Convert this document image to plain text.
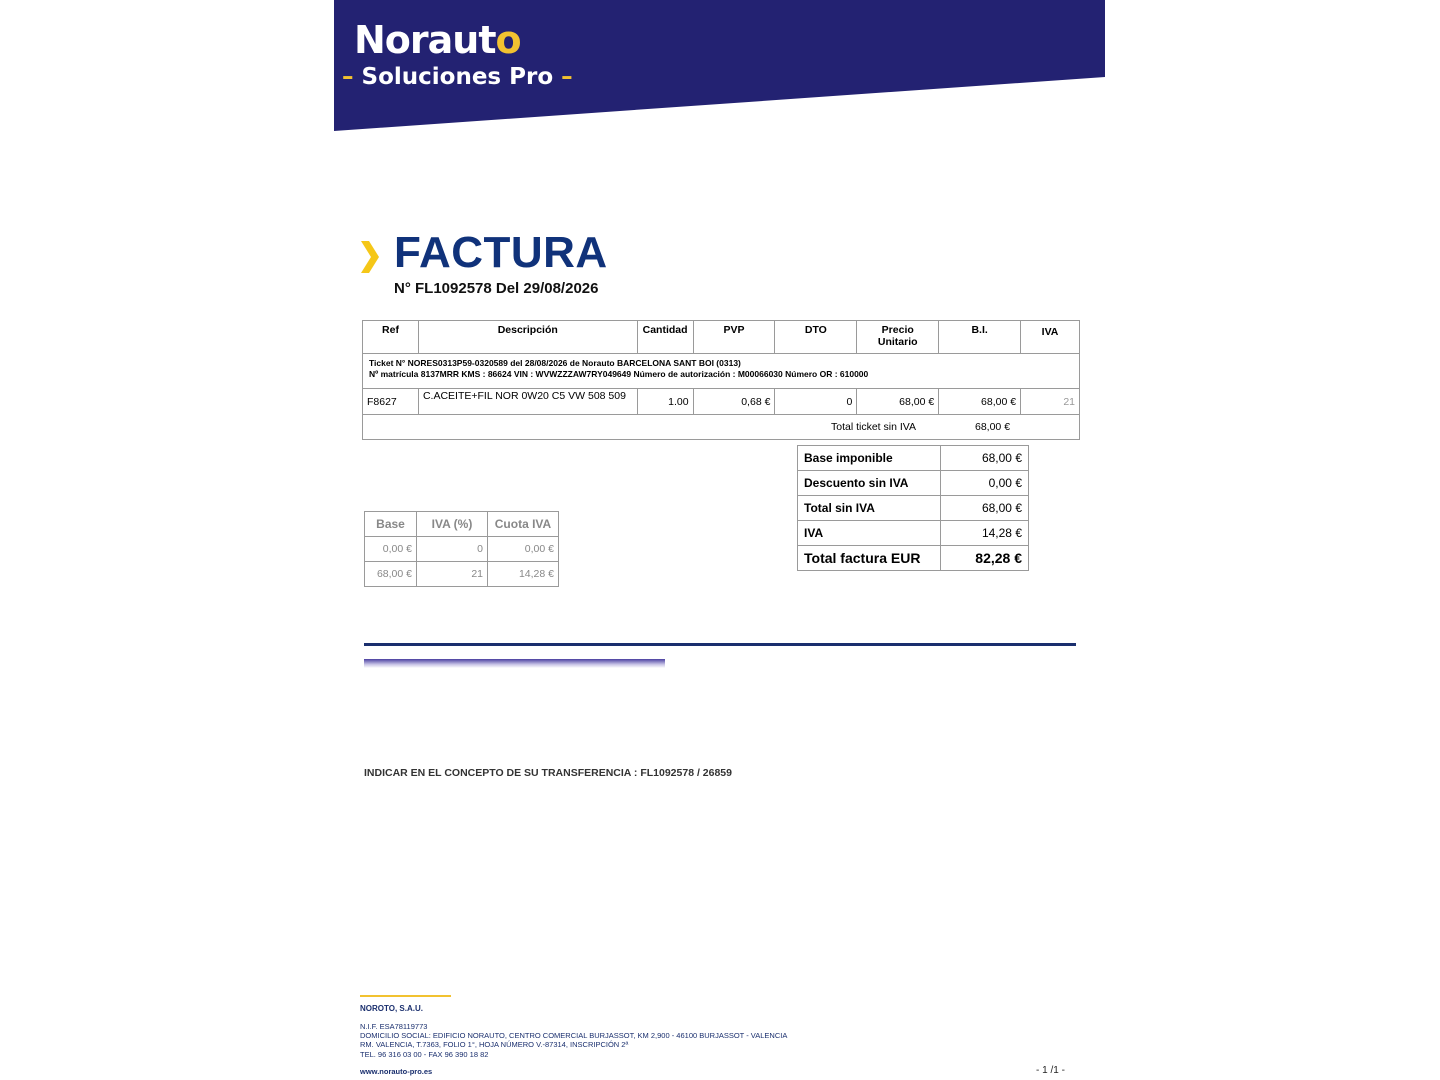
Norauto
– Soluciones Pro –
FACTURA
N° FL1092578 Del 29/08/2026
Ref	Descripción	Cantidad	PVP	DTO	Precio Unitario	B.I.	IVA

Ticket N° NORES0313P59-0320589 del 28/08/2026 de Norauto BARCELONA SANT BOI (0313)
Nº matrícula 8137MRR KMS : 86624 VIN : WVWZZZAW7RY049649 Número de autorización : M00066030 Número OR : 610000							

F8627	C.ACEITE+FIL NOR 0W20 C5 VW 508 509	1.00	0,68 €	0	68,00 €	68,00 €	21

Total ticket sin IVA 68,00 €							
Base imponible	68,00 €
Descuento sin IVA	0,00 €
Total sin IVA	68,00 €
IVA	14,28 €
Total factura EUR	82,28 €
Base	IVA (%)	Cuota IVA
0,00 €	0	0,00 €
68,00 €	21	14,28 €
INDICAR EN EL CONCEPTO DE SU TRANSFERENCIA : FL1092578 / 26859
NOROTO, S.A.U.
N.I.F. ESA78119773
DOMICILIO SOCIAL: EDIFICIO NORAUTO, CENTRO COMERCIAL BURJASSOT, KM 2,900 - 46100 BURJASSOT - VALENCIA
RM. VALENCIA, T.7363, FOLIO 1°, HOJA NÚMERO V.-87314, INSCRIPCIÓN 2ª
TEL. 96 316 03 00 - FAX 96 390 18 82
www.norauto-pro.es	- 1 /1 -
